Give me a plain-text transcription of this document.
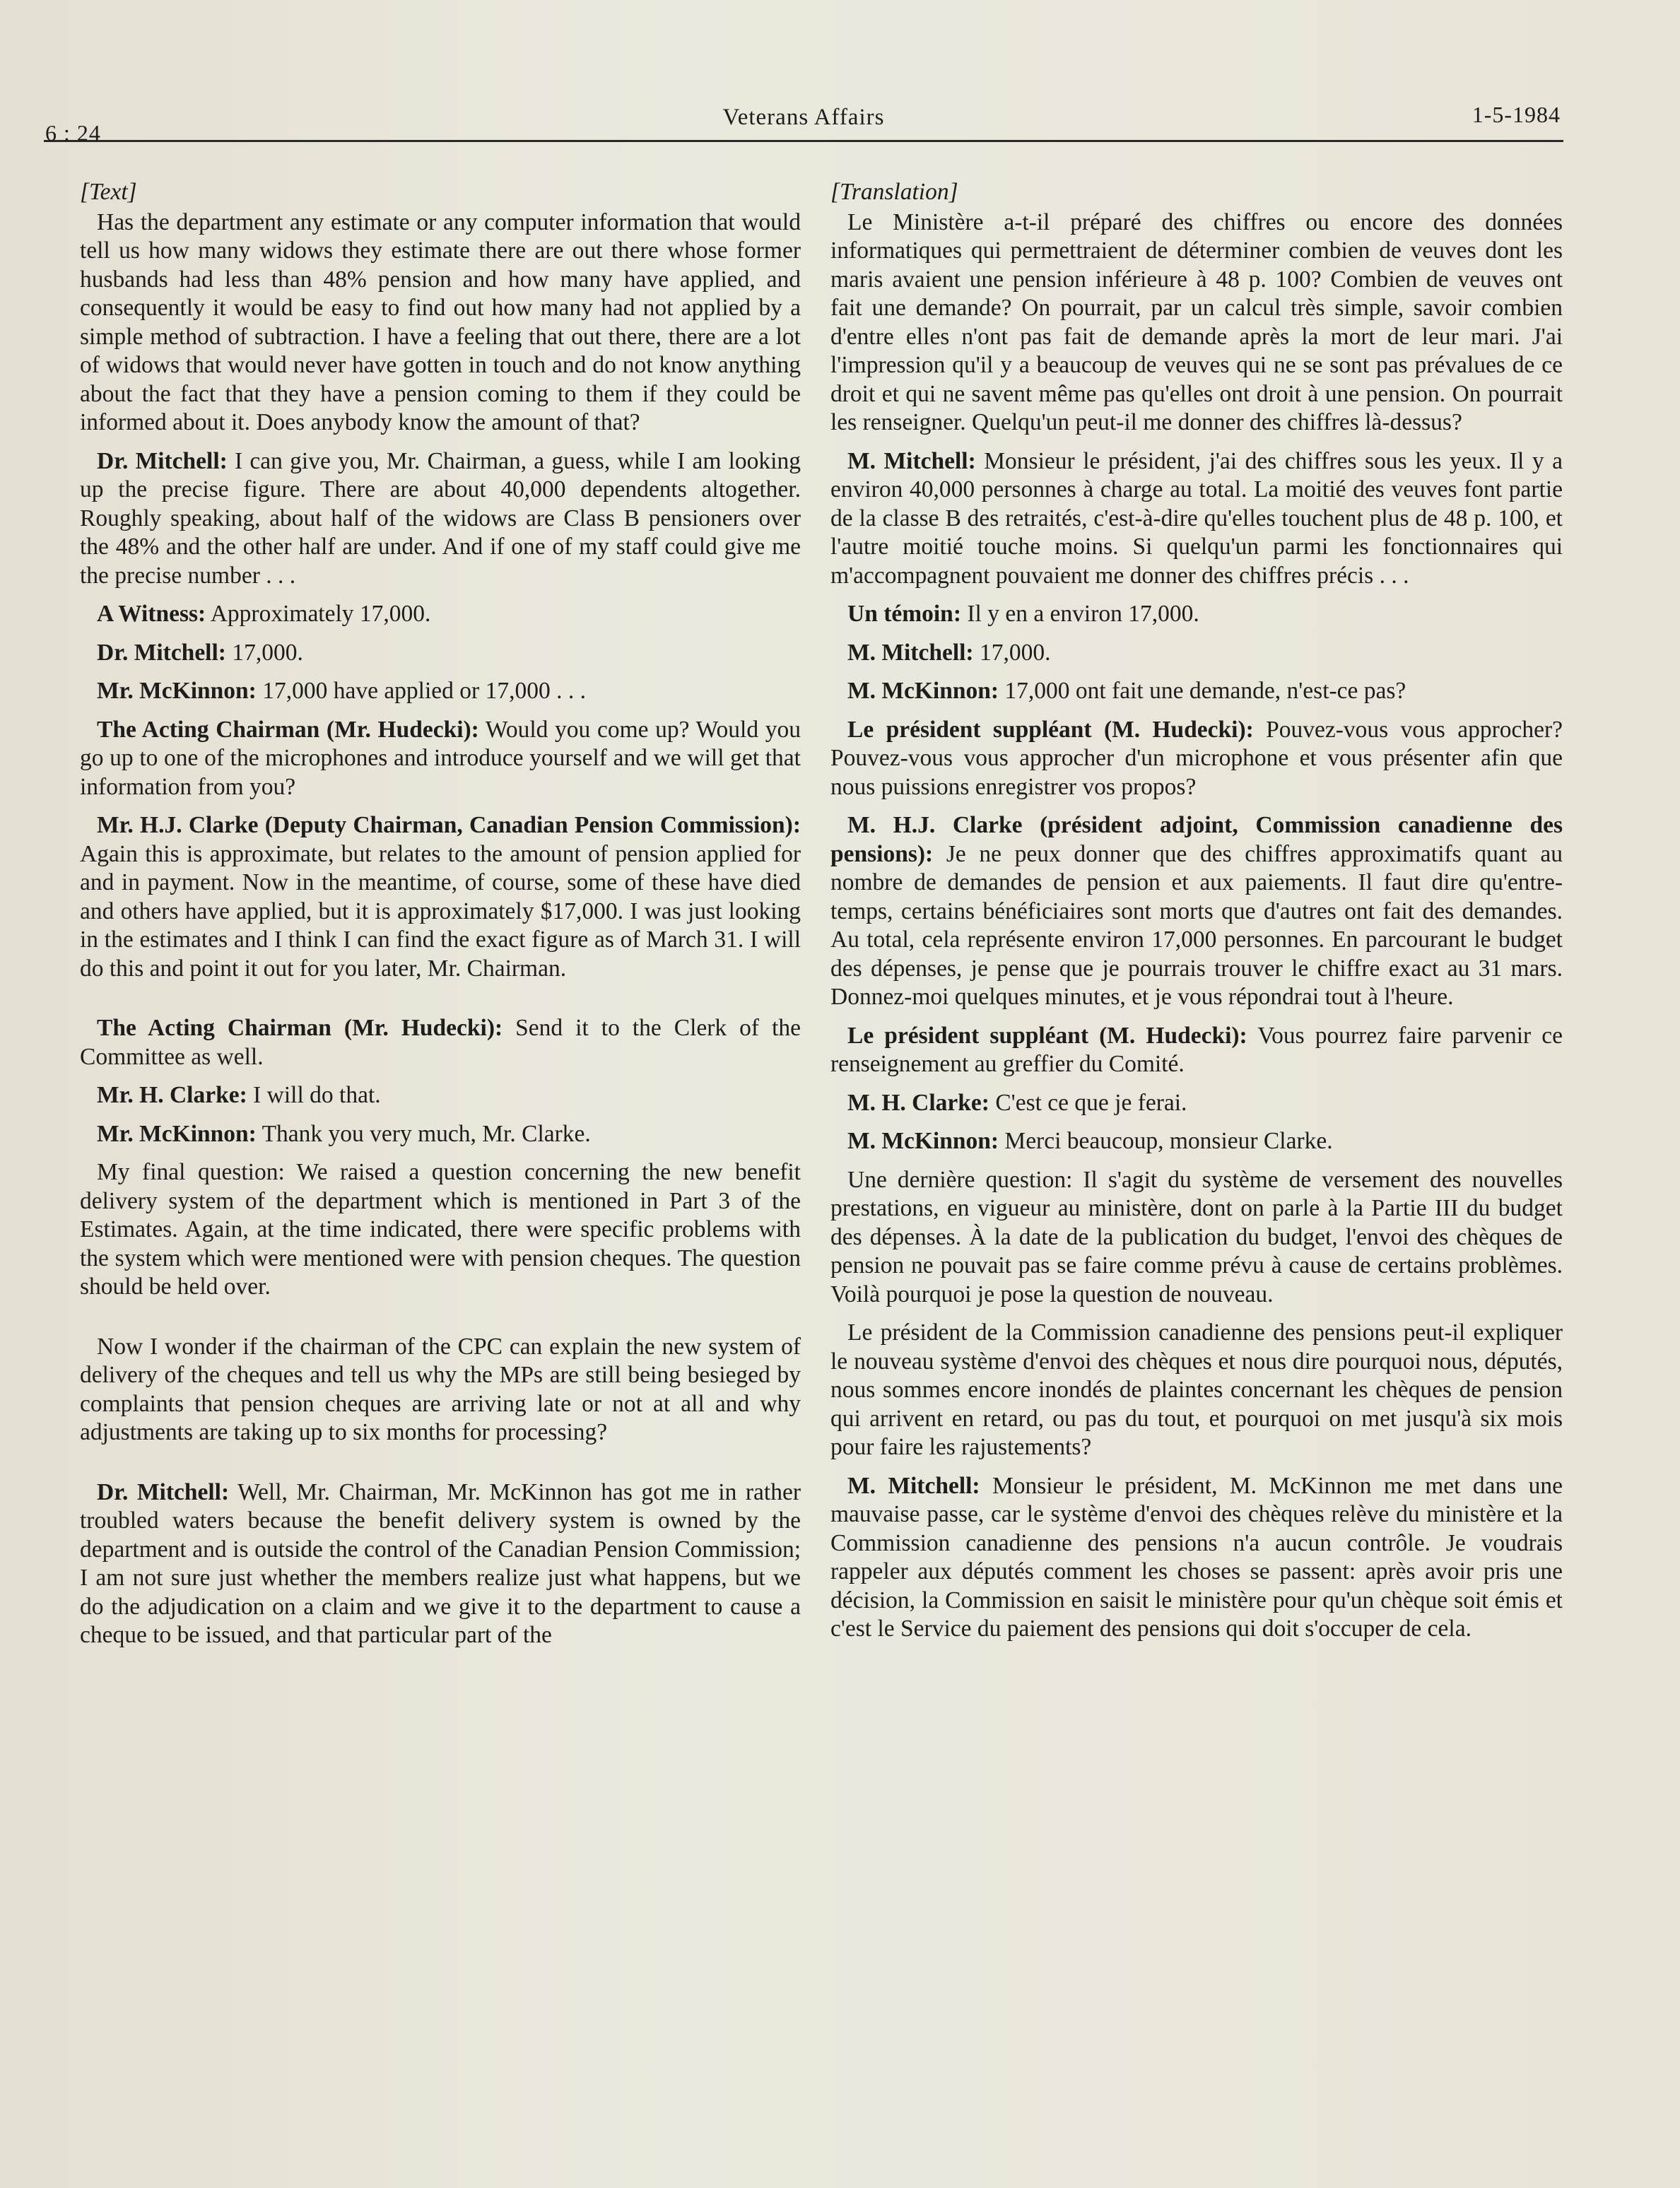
6 : 24
Veterans Affairs	1-5-1984

[Text]

Has the department any estimate or any computer information that would tell us how many widows they estimate there are out there whose former husbands had less than 48% pension and how many have applied, and consequently it would be easy to find out how many had not applied by a simple method of subtraction. I have a feeling that out there, there are a lot of widows that would never have gotten in touch and do not know anything about the fact that they have a pension coming to them if they could be informed about it. Does anybody know the amount of that?

Dr. Mitchell: I can give you, Mr. Chairman, a guess, while I am looking up the precise figure. There are about 40,000 dependents altogether. Roughly speaking, about half of the widows are Class B pensioners over the 48% and the other half are under. And if one of my staff could give me the precise number . . .

A Witness: Approximately 17,000.

Dr. Mitchell: 17,000.

Mr. McKinnon: 17,000 have applied or 17,000 . . .

The Acting Chairman (Mr. Hudecki): Would you come up? Would you go up to one of the microphones and introduce yourself and we will get that information from you?

Mr. H.J. Clarke (Deputy Chairman, Canadian Pension Commission): Again this is approximate, but relates to the amount of pension applied for and in payment. Now in the meantime, of course, some of these have died and others have applied, but it is approximately $17,000. I was just looking in the estimates and I think I can find the exact figure as of March 31. I will do this and point it out for you later, Mr. Chairman.

The Acting Chairman (Mr. Hudecki): Send it to the Clerk of the Committee as well.

Mr. H. Clarke: I will do that.

Mr. McKinnon: Thank you very much, Mr. Clarke.

My final question: We raised a question concerning the new benefit delivery system of the department which is mentioned in Part 3 of the Estimates. Again, at the time indicated, there were specific problems with the system which were mentioned were with pension cheques. The question should be held over.

Now I wonder if the chairman of the CPC can explain the new system of delivery of the cheques and tell us why the MPs are still being besieged by complaints that pension cheques are arriving late or not at all and why adjustments are taking up to six months for processing?

Dr. Mitchell: Well, Mr. Chairman, Mr. McKinnon has got me in rather troubled waters because the benefit delivery system is owned by the department and is outside the control of the Canadian Pension Commission; I am not sure just whether the members realize just what happens, but we do the adjudication on a claim and we give it to the department to cause a cheque to be issued, and that particular part of the

[Translation]

Le Ministère a-t-il préparé des chiffres ou encore des données informatiques qui permettraient de déterminer combien de veuves dont les maris avaient une pension inférieure à 48 p. 100? Combien de veuves ont fait une demande? On pourrait, par un calcul très simple, savoir combien d'entre elles n'ont pas fait de demande après la mort de leur mari. J'ai l'impression qu'il y a beaucoup de veuves qui ne se sont pas prévalues de ce droit et qui ne savent même pas qu'elles ont droit à une pension. On pourrait les renseigner. Quelqu'un peut-il me donner des chiffres là-dessus?

M. Mitchell: Monsieur le président, j'ai des chiffres sous les yeux. Il y a environ 40,000 personnes à charge au total. La moitié des veuves font partie de la classe B des retraités, c'est-à-dire qu'elles touchent plus de 48 p. 100, et l'autre moitié touche moins. Si quelqu'un parmi les fonctionnaires qui m'accompagnent pouvaient me donner des chiffres précis . . .

Un témoin: Il y en a environ 17,000.

M. Mitchell: 17,000.

M. McKinnon: 17,000 ont fait une demande, n'est-ce pas?

Le président suppléant (M. Hudecki): Pouvez-vous vous approcher? Pouvez-vous vous approcher d'un microphone et vous présenter afin que nous puissions enregistrer vos propos?

M. H.J. Clarke (président adjoint, Commission canadienne des pensions): Je ne peux donner que des chiffres approximatifs quant au nombre de demandes de pension et aux paiements. Il faut dire qu'entre-temps, certains bénéficiaires sont morts que d'autres ont fait des demandes. Au total, cela représente environ 17,000 personnes. En parcourant le budget des dépenses, je pense que je pourrais trouver le chiffre exact au 31 mars. Donnez-moi quelques minutes, et je vous répondrai tout à l'heure.

Le président suppléant (M. Hudecki): Vous pourrez faire parvenir ce renseignement au greffier du Comité.

M. H. Clarke: C'est ce que je ferai.

M. McKinnon: Merci beaucoup, monsieur Clarke.

Une dernière question: Il s'agit du système de versement des nouvelles prestations, en vigueur au ministère, dont on parle à la Partie III du budget des dépenses. À la date de la publication du budget, l'envoi des chèques de pension ne pouvait pas se faire comme prévu à cause de certains problèmes. Voilà pourquoi je pose la question de nouveau.

Le président de la Commission canadienne des pensions peut-il expliquer le nouveau système d'envoi des chèques et nous dire pourquoi nous, députés, nous sommes encore inondés de plaintes concernant les chèques de pension qui arrivent en retard, ou pas du tout, et pourquoi on met jusqu'à six mois pour faire les rajustements?

M. Mitchell: Monsieur le président, M. McKinnon me met dans une mauvaise passe, car le système d'envoi des chèques relève du ministère et la Commission canadienne des pensions n'a aucun contrôle. Je voudrais rappeler aux députés comment les choses se passent: après avoir pris une décision, la Commission en saisit le ministère pour qu'un chèque soit émis et c'est le Service du paiement des pensions qui doit s'occuper de cela.
